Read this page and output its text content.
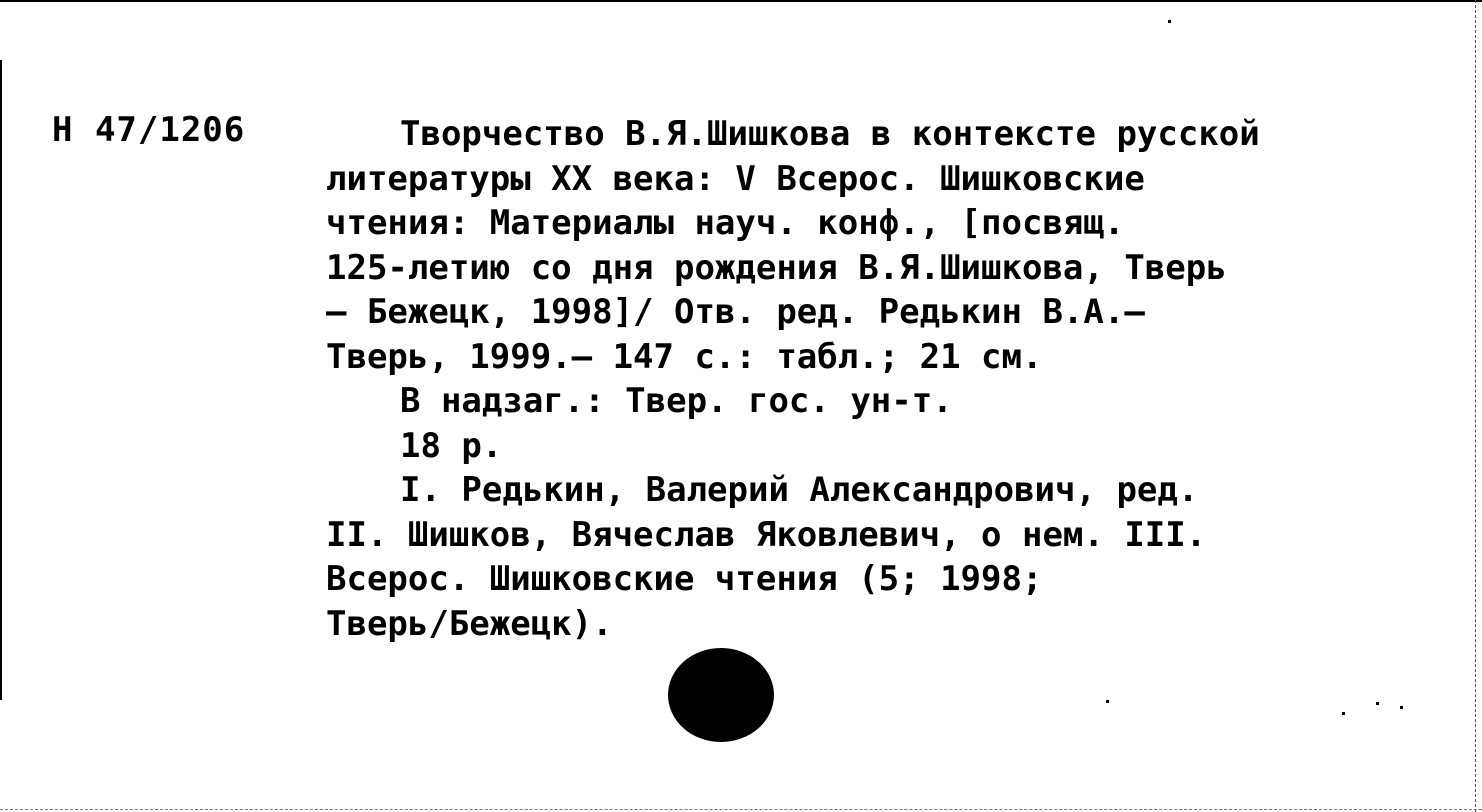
Н 47/1206	Творчество В.Я.Шишкова в контексте русской
литературы ХХ века: V Всерос. Шишковские
чтения: Материалы науч. конф., [посвящ.
125-летию со дня рождения В.Я.Шишкова, Тверь
– Бежецк, 1998]/ Отв. ред. Редькин В.А.–
Тверь, 1999.– 147 с.: табл.; 21 см.
В надзаг.: Твер. гос. ун-т.
18 р.
I. Редькин, Валерий Александрович, ред.
II. Шишков, Вячеслав Яковлевич, о нем. III.
Всерос. Шишковские чтения (5; 1998;
Тверь/Бежецк).
